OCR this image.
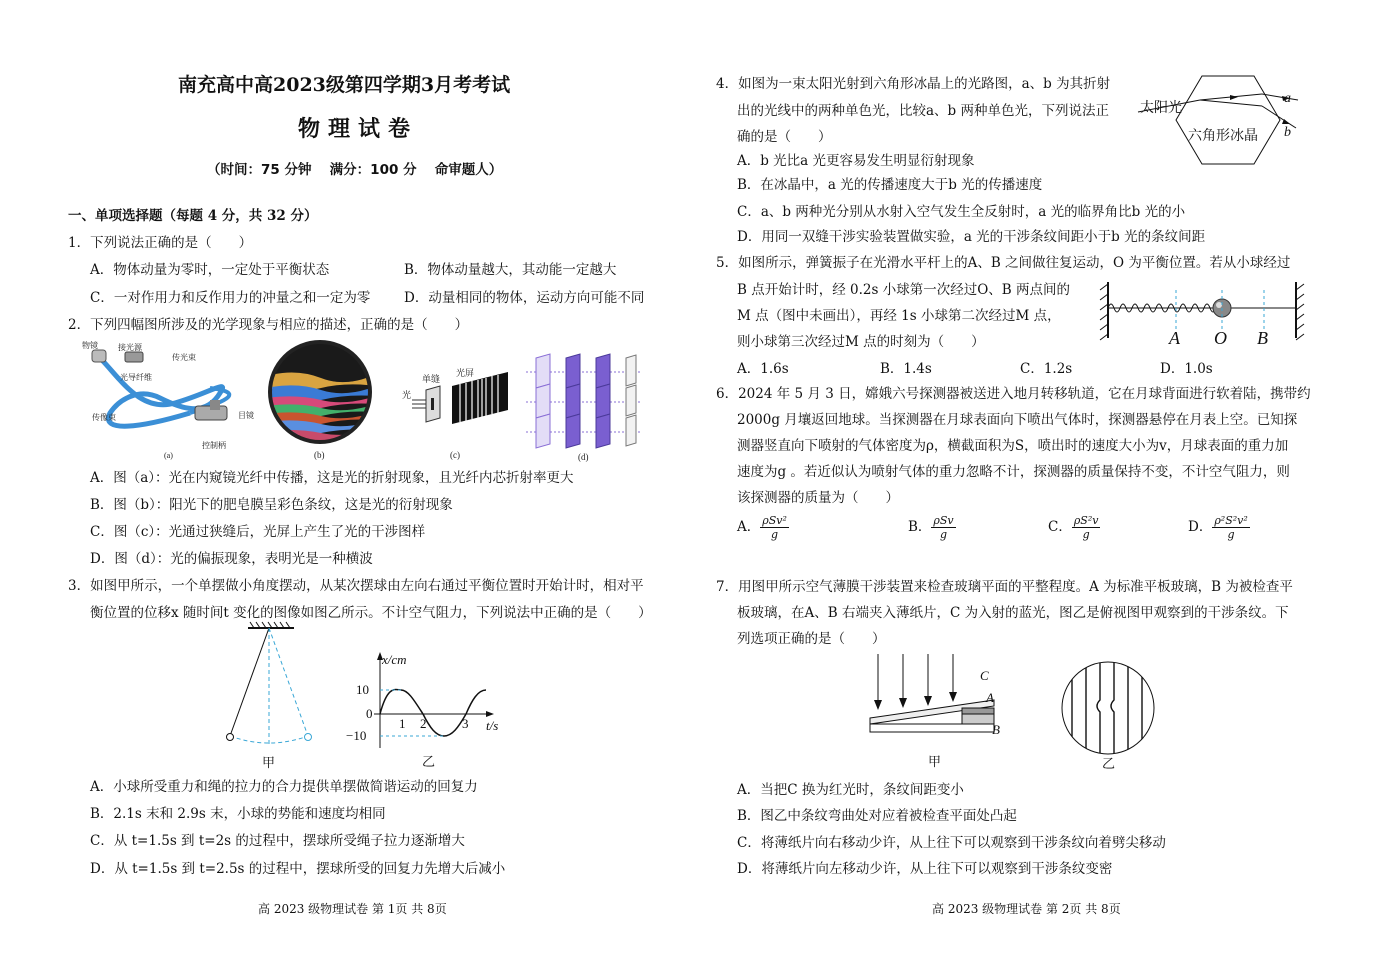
南充高中高2023级第四学期3月考考试
物理试卷
（时间：75 分钟　 满分：100 分　 命审题人）
一、单项选择题（每题 4 分，共 32 分）
1．下列说法正确的是（　　）
A．物体动量为零时，一定处于平衡状态	B．物体动量越大，其动能一定越大
C．一对作用力和反作用力的冲量之和一定为零 D．动量相同的物体，运动方向可能不同
2．下列四幅图所涉及的光学现象与相应的描述，正确的是（　　）
物镜	接光源
传光束
光导纤维
传像束	目镜
控制柄
(a)	(b)
单缝
光屏
光
(c)	(d)
A．图（a）：光在内窥镜光纤中传播，这是光的折射现象，且光纤内芯折射率更大
B．图（b）：阳光下的肥皂膜呈彩色条纹，这是光的衍射现象
C．图（c）：光通过狭缝后，光屏上产生了光的干涉图样
D．图（d）：光的偏振现象，表明光是一种横波
3．如图甲所示，一个单摆做小角度摆动，从某次摆球由左向右通过平衡位置时开始计时，相对平
衡位置的位移x 随时间t 变化的图像如图乙所示。不计空气阻力，下列说法中正确的是（　　）
甲
x/cm
t/s
10
0
−10
1 2	3
乙
A．小球所受重力和绳的拉力的合力提供单摆做简谐运动的回复力
B．2.1s 末和 2.9s 末，小球的势能和速度均相同
C．从 t=1.5s 到 t=2s 的过程中，摆球所受绳子拉力逐渐增大
D．从 t=1.5s 到 t=2.5s 的过程中，摆球所受的回复力先增大后减小
高 2023 级物理试卷 第 1页 共 8页
4．如图为一束太阳光射到六角形冰晶上的光路图，a、b 为其折射
出的光线中的两种单色光，比较a、b 两种单色光，下列说法正
确的是（　　）
太阳光
六角形冰晶
a
b
A．b 光比a 光更容易发生明显衍射现象
B．在冰晶中，a 光的传播速度大于b 光的传播速度
C．a、b 两种光分别从水射入空气发生全反射时，a 光的临界角比b 光的小
D．用同一双缝干涉实验装置做实验，a 光的干涉条纹间距小于b 光的条纹间距
5．如图所示，弹簧振子在光滑水平杆上的A、B 之间做往复运动，O 为平衡位置。若从小球经过
B 点开始计时，经 0.2s 小球第一次经过O、B 两点间的
M 点（图中未画出），再经 1s 小球第二次经过M 点，
则小球第三次经过M 点的时刻为（　　）	A O B
A．1.6s	B．1.4s	C．1.2s	D．1.0s
6．2024 年 5 月 3 日，嫦娥六号探测器被送进入地月转移轨道，它在月球背面进行软着陆，携带约
2000g 月壤返回地球。当探测器在月球表面向下喷出气体时，探测器悬停在月表上空。已知探
测器竖直向下喷射的气体密度为ρ，横截面积为S，喷出时的速度大小为v，月球表面的重力加
速度为g 。若近似认为喷射气体的重力忽略不计，探测器的质量保持不变，不计空气阻力，则
该探测器的质量为（　　）
A． $\frac{\text{ρSv²}}{g}$	B． $\frac{\text{ρSv}}{g}$	C． $\frac{\text{ρS²v}}{g}$	D． $\frac{\text{ρ²S²v²}}{g}$
7．用图甲所示空气薄膜干涉装置来检查玻璃平面的平整程度。A 为标准平板玻璃，B 为被检查平
板玻璃，在A、B 右端夹入薄纸片，C 为入射的蓝光，图乙是俯视图甲观察到的干涉条纹。下
列选项正确的是（　　）
C
A
B
甲	乙
A．当把C 换为红光时，条纹间距变小
B．图乙中条纹弯曲处对应着被检查平面处凸起
C．将薄纸片向右移动少许，从上往下可以观察到干涉条纹向着劈尖移动
D．将薄纸片向左移动少许，从上往下可以观察到干涉条纹变密
高 2023 级物理试卷 第 2页 共 8页
